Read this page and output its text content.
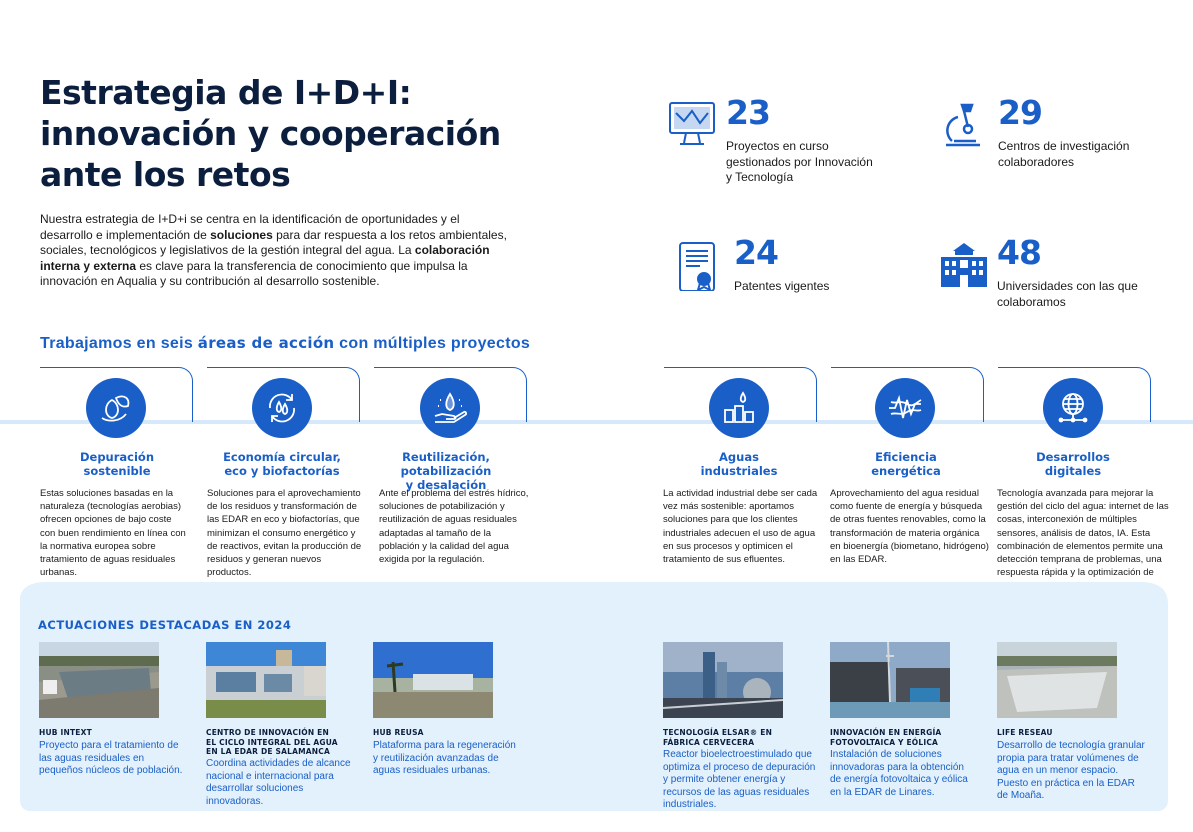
Estrategia de I+D+I:
innovación y cooperación
ante los retos

Nuestra estrategia de I+D+i se centra en la identificación de oportunidades y el desarrollo e implementación de soluciones para dar respuesta a los retos ambientales, sociales, tecnológicos y legislativos de la gestión integral del agua. La colaboración interna y externa es clave para la transferencia de conocimiento que impulsa la innovación en Aqualia y su contribución al desarrollo sostenible.

23
Proyectos en curso gestionados por Innovación y Tecnología
29
Centros de investigación colaboradores
24
Patentes vigentes
48
Universidades con las que colaboramos
Trabajamos en seis áreas de acción con múltiples proyectos
Depuración
sostenible
Economía circular,
eco y biofactorías
Reutilización, potabilización
y desalación
Aguas
industriales
Eficiencia
energética
Desarrollos
digitales

Estas soluciones basadas en la naturaleza (tecnologías aerobias) ofrecen opciones de bajo coste con buen rendimiento en línea con la normativa europea sobre tratamiento de aguas residuales urbanas.

Soluciones para el aprovechamiento de los residuos y transformación de las EDAR en eco y biofactorías, que minimizan el consumo energético y de reactivos, evitan la producción de residuos y generan nuevos productos.

Ante el problema del estrés hídrico, soluciones de potabilización y reutilización de aguas residuales adaptadas al tamaño de la población y la calidad del agua exigida por la regulación.

La actividad industrial debe ser cada vez más sostenible: aportamos soluciones para que los clientes industriales adecuen el uso de agua en sus procesos y optimicen el tratamiento de sus efluentes.

Aprovechamiento del agua residual como fuente de energía y búsqueda de otras fuentes renovables, como la transformación de materia orgánica en bioenergía (biometano, hidrógeno) en las EDAR.

Tecnología avanzada para mejorar la gestión del ciclo del agua: internet de las cosas, interconexión de múltiples sensores, análisis de datos, IA. Esta combinación de elementos permite una detección temprana de problemas, una respuesta rápida y la optimización de

ACTUACIONES DESTACADAS EN 2024
HUB INTEXT	CENTRO DE INNOVACIÓN EN EL CICLO INTEGRAL DEL AGUA EN LA EDAR DE SALAMANCA
HUB REUSA	TECNOLOGÍA ELSAR® EN FÁBRICA CERVECERA
INNOVACIÓN EN ENERGÍA FOTOVOLTAICA Y EÓLICA
LIFE RESEAU

Proyecto para el tratamiento de las aguas residuales en pequeños núcleos de población.

Coordina actividades de alcance nacional e internacional para desarrollar soluciones innovadoras.

Plataforma para la regeneración y reutilización avanzadas de aguas residuales urbanas.

Reactor bioelectroestimulado que optimiza el proceso de depuración y permite obtener energía y recursos de las aguas residuales industriales.

Instalación de soluciones innovadoras para la obtención de energía fotovoltaica y eólica en la EDAR de Linares.

Desarrollo de tecnología granular propia para tratar volúmenes de agua en un menor espacio. Puesto en práctica en la EDAR de Moaña.
